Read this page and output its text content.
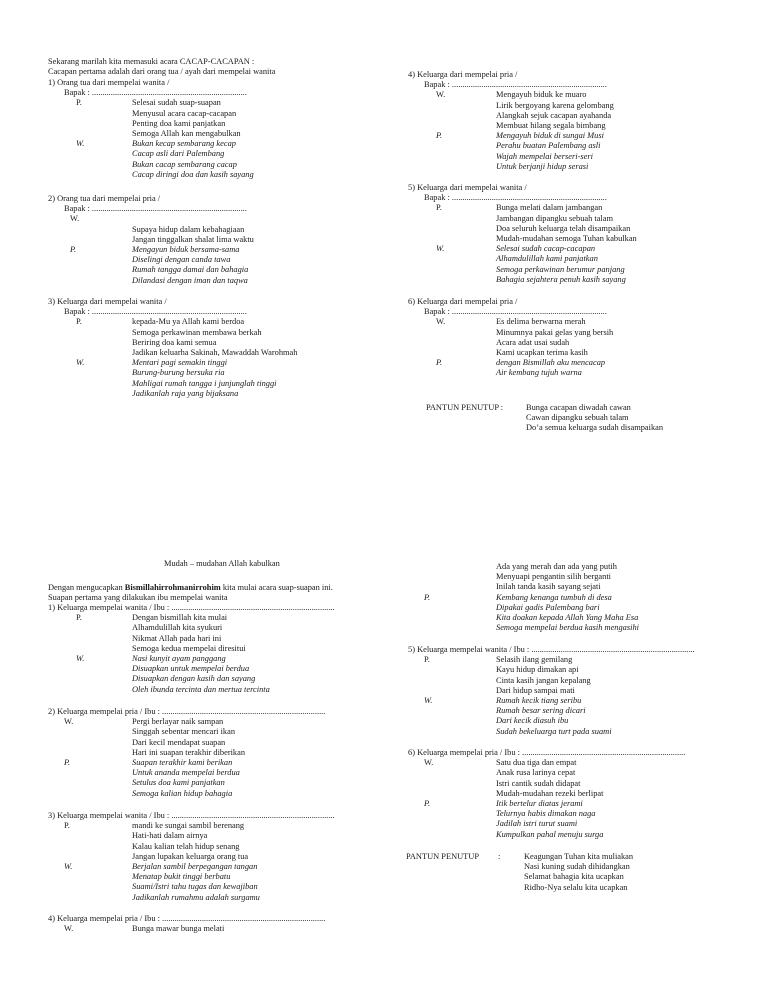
Sekarang marilah kita memasuki acara CACAP-CACAPAN :
Cacapan pertama adalah dari orang tua / ayah dari mempelai wanita
1) Orang tua dari mempelai wanita /
Bapak : ..........................................................................
P.	Selesai sudah suap-suapan
Menyusul acara cacap-cacapan
Penting doa kami panjatkan
Semoga Allah kan mengabulkan
W.	Bukan kecap sembarang kecap
Cacap asli dari Palembang
Bukan cacap sembarang cacap
Cacap diringi doa dan kasih sayang
2) Orang tua dari mempelai pria /
Bapak : ..........................................................................
W.
Supaya hidup dalam kebahagiaan
Jangan tinggalkan shalat lima waktu
P.	Mengayun biduk bersama-sama
Diselingi dengan canda tawa
Rumah tangga damai dan bahagia
Dilandasi dengan iman dan taqwa
3) Keluarga dari mempelai wanita /
Bapak : ..........................................................................
P.	kepada-Mu ya Allah kami berdoa
Semoga perkawinan membawa berkah
Beriring doa kami semua
Jadikan keluarha Sakinah, Mawaddah Warohmah
W.	Mentari pagi semakin tinggi
Burung-burung bersuka ria
Mahligai rumah tangga i junjunglah tinggi
Jadikanlah raja yang bijaksana
4) Keluarga dari mempelai pria /
Bapak : ..........................................................................
W.	Mengayuh biduk ke muaro
Lirik bergoyang karena gelombang
Alangkah sejuk cacapan ayahanda
Membuat hilang segala bimbang
P.	Mengayuh biduk di sungai Musi
Perahu buatan Palembang asli
Wajah mempelai berseri-seri
Untuk berjanji hidup serasi
5) Keluarga dari mempelai wanita /
Bapak : ..........................................................................
P.	Bunga melati dalam jambangan
Jambangan dipangku sebuah talam
Doa seluruh keluarga telah disampaikan
Mudah-mudahan semoga Tuhan kabulkan
W.	Selesai sudah cacap-cacapan
Alhamdulillah kami panjatkan
Semoga perkawinan berumur panjang
Bahagia sejahtera penuh kasih sayang
6) Keluarga dari mempelai pria /
Bapak : ..........................................................................
W.	Es delima berwarna merah
Minumnya pakai gelas yang bersih
Acara adat usai sudah
Kami ucapkan terima kasih
P.	dengan Bismillah aku mencacap
Air kembang tujuh warna
PANTUN PENUTUP :	Bunga cacapan diwadah cawan
Cawan dipangku sebuah talam
Do’a semua keluarga sudah disampaikan
Mudah – mudahan Allah kabulkan
Dengan mengucapkan Bismillahirrohmanirrohim kita mulai acara suap-suapan ini.
Suapan pertama yang dilakukan ibu mempelai wanita
1) Keluarga mempelai wanita / Ibu : ..............................................................................
P.	Dengan bismillah kita mulai
Alhamdulillah kita syukuri
Nikmat Allah pada hari ini
Semoga kedua mempelai diresitui
W.	Nasi kunyit ayam panggang
Disuapkan untuk mempelai berdua
Disuapkan dengan kasih dan sayang
Oleh ibunda tercinta dan mertua tercinta
2) Keluarga mempelai pria / Ibu : ..............................................................................
W.	Pergi berlayar naik sampan
Singgah sebentar mencari ikan
Dari kecil mendapat suapan
Hari ini suapan terakhir diberikan
P.	Suapan terakhir kami berikan
Untuk ananda mempelai berdua
Setulus doa kami panjatkan
Semoga kalian hidup bahagia
3) Keluarga mempelai wanita / Ibu : ..............................................................................
P.	mandi ke sungai sambil berenang
Hati-hati dalam airnya
Kalau kalian telah hidup senang
Jangan lupakan keluarga orang tua
W.	Berjalan sambil berpegangan tangan
Menatap bukit tinggi berbatu
Suami/Istri tahu tugas dan kewajiban
Jadikanlah rumahmu adalah surgamu
4) Keluarga mempelai pria / Ibu : ..............................................................................
W.	Bunga mawar bunga melati
Ada yang merah dan ada yang putih
Menyuapi pengantin silih berganti
Inilah tanda kasih sayang sejati
P.	Kembang kenanga tumbuh di desa
Dipakai gadis Palembang bari
Kita doakan kepada Allah Yang Maha Esa
Semoga mempelai berdua kasih mengasihi
5) Keluarga mempelai wanita / Ibu : ..............................................................................
P.	Selasih ilang gemilang
Kayu hidup dimakan api
Cinta kasih jangan kepalang
Dari hidup sampai mati
W.	Rumah kecik tiang seribu
Rumah besar sering dicari
Dari kecik diasuh ibu
Sudah bekeluarga turt pada suami
6) Keluarga mempelai pria / Ibu : ..............................................................................
W.	Satu dua tiga dan empat
Anak rusa larinya cepat
Istri cantik sudah didapat
Mudah-mudahan rezeki berlipat
P.	Itik bertelur diatas jerami
Telurnya habis dimakan naga
Jadilah istri turut suami
Kumpulkan pahal menuju surga
PANTUN PENUTUP :	Keagungan Tuhan kita muliakan
Nasi kuning sudah dihidangkan
Selamat bahagia kita ucapkan
Ridho-Nya selalu kita ucapkan
